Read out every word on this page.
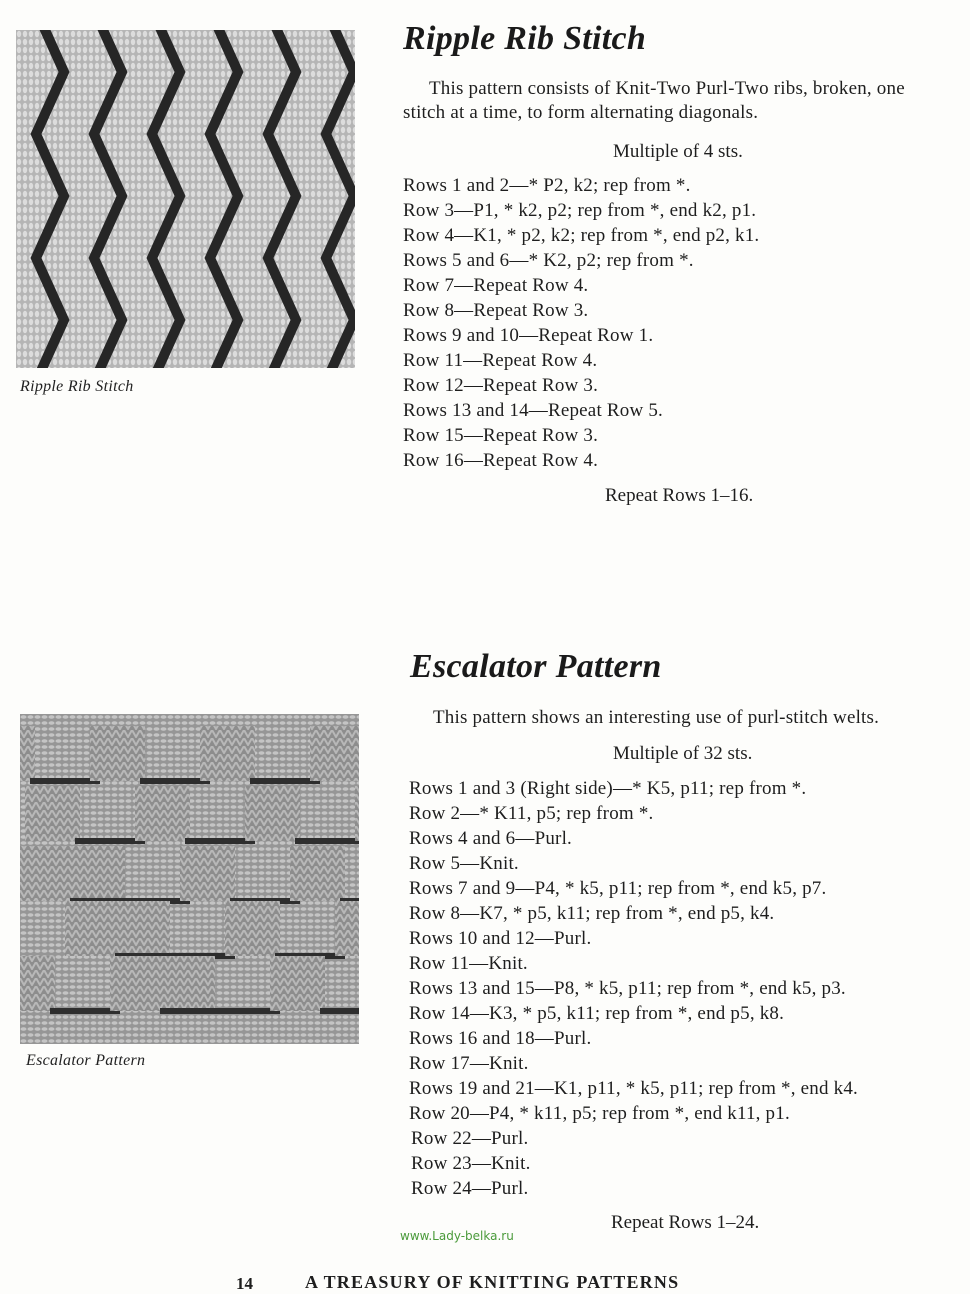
Ripple Rib Stitch
Ripple Rib Stitch
This pattern consists of Knit-Two Purl-Two ribs, broken, one
stitch at a time, to form alternating diagonals.
Multiple of 4 sts.
Rows 1 and 2—* P2, k2; rep from *.
Row 3—P1, * k2, p2; rep from *, end k2, p1.
Row 4—K1, * p2, k2; rep from *, end p2, k1.
Rows 5 and 6—* K2, p2; rep from *.
Row 7—Repeat Row 4.
Row 8—Repeat Row 3.
Rows 9 and 10—Repeat Row 1.
Row 11—Repeat Row 4.
Row 12—Repeat Row 3.
Rows 13 and 14—Repeat Row 5.
Row 15—Repeat Row 3.
Row 16—Repeat Row 4.
Repeat Rows 1–16.
Escalator Pattern
This pattern shows an interesting use of purl-stitch welts.
Multiple of 32 sts.
Escalator Pattern
Rows 1 and 3 (Right side)—* K5, p11; rep from *.
Row 2—* K11, p5; rep from *.
Rows 4 and 6—Purl.
Row 5—Knit.
Rows 7 and 9—P4, * k5, p11; rep from *, end k5, p7.
Row 8—K7, * p5, k11; rep from *, end p5, k4.
Rows 10 and 12—Purl.
Row 11—Knit.
Rows 13 and 15—P8, * k5, p11; rep from *, end k5, p3.
Row 14—K3, * p5, k11; rep from *, end p5, k8.
Rows 16 and 18—Purl.
Row 17—Knit.
Rows 19 and 21—K1, p11, * k5, p11; rep from *, end k4.
Row 20—P4, * k11, p5; rep from *, end k11, p1.
Row 22—Purl.
Row 23—Knit.
Row 24—Purl.
Repeat Rows 1–24.
www.Lady-belka.ru
14	A TREASURY OF KNITTING PATTERNS
